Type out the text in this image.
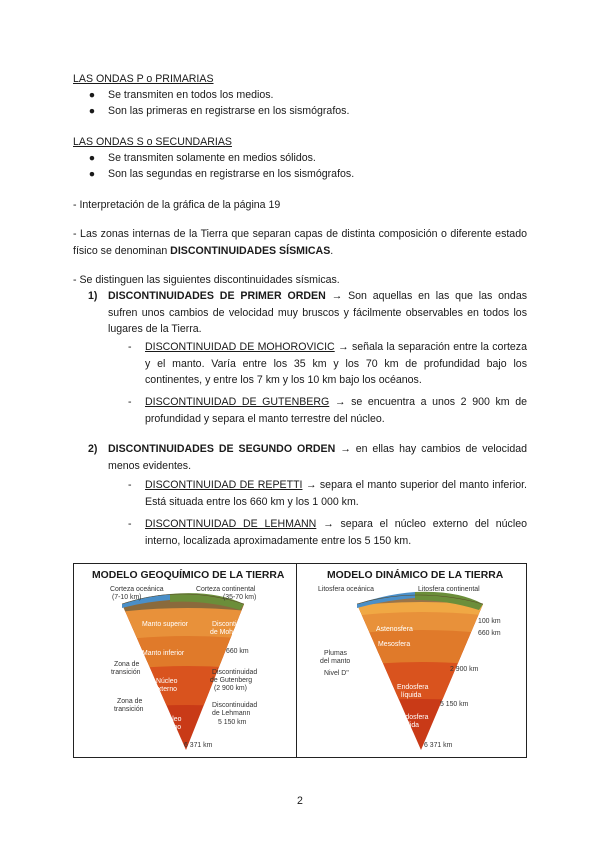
LAS ONDAS P o PRIMARIAS
● Se transmiten en todos los medios.
● Son las primeras en registrarse en los sismógrafos.
LAS ONDAS S o SECUNDARIAS
● Se transmiten solamente en medios sólidos.
● Son las segundas en registrarse en los sismógrafos.
- Interpretación de la gráfica de la página 19
- Las zonas internas de la Tierra que separan capas de distinta composición o diferente estado físico se denominan DISCONTINUIDADES SÍSMICAS.
- Se distinguen las siguientes discontinuidades sísmicas.
1) DISCONTINUIDADES DE PRIMER ORDEN → Son aquellas en las que las ondas sufren unos cambios de velocidad muy bruscos y fácilmente observables en todos los lugares de la Tierra.
- DISCONTINUIDAD DE MOHOROVICIC → señala la separación entre la corteza y el manto. Varía entre los 35 km y los 70 km de profundidad bajo los continentes, y entre los 7 km y los 10 km bajo los océanos.
- DISCONTINUIDAD DE GUTENBERG → se encuentra a unos 2 900 km de profundidad y separa el manto terrestre del núcleo.
2) DISCONTINUIDADES DE SEGUNDO ORDEN → en ellas hay cambios de velocidad menos evidentes.
- DISCONTINUIDAD DE REPETTI → separa el manto superior del manto inferior. Está situada entre los 660 km y los 1 000 km.
- DISCONTINUIDAD DE LEHMANN → separa el núcleo externo del núcleo interno, localizada aproximadamente entre los 5 150 km.
MODELO GEOQUÍMICO DE LA TIERRA
Corteza oceánica
(7-10 km)
Corteza continental
(35-70 km)
Manto superior	Discontinuidad
de Mohorovicic
660 km
Manto inferior
Zona de
transición
Núcleo
externo
Discontinuidad
de Gutenberg
(2 900 km)
Zona de
transición
Discontinuidad
de Lehmann
5 150 km
Núcleo
interno
6 371 km
MODELO DINÁMICO DE LA TIERRA
Litosfera oceánica	Litosfera continental
100 km
Astenosfera
660 km
Mesosfera
Plumas
del manto
Nivel D''
2 900 km
Endosfera
líquida
5 150 km
Endosfera
sólida
6 371 km
2
